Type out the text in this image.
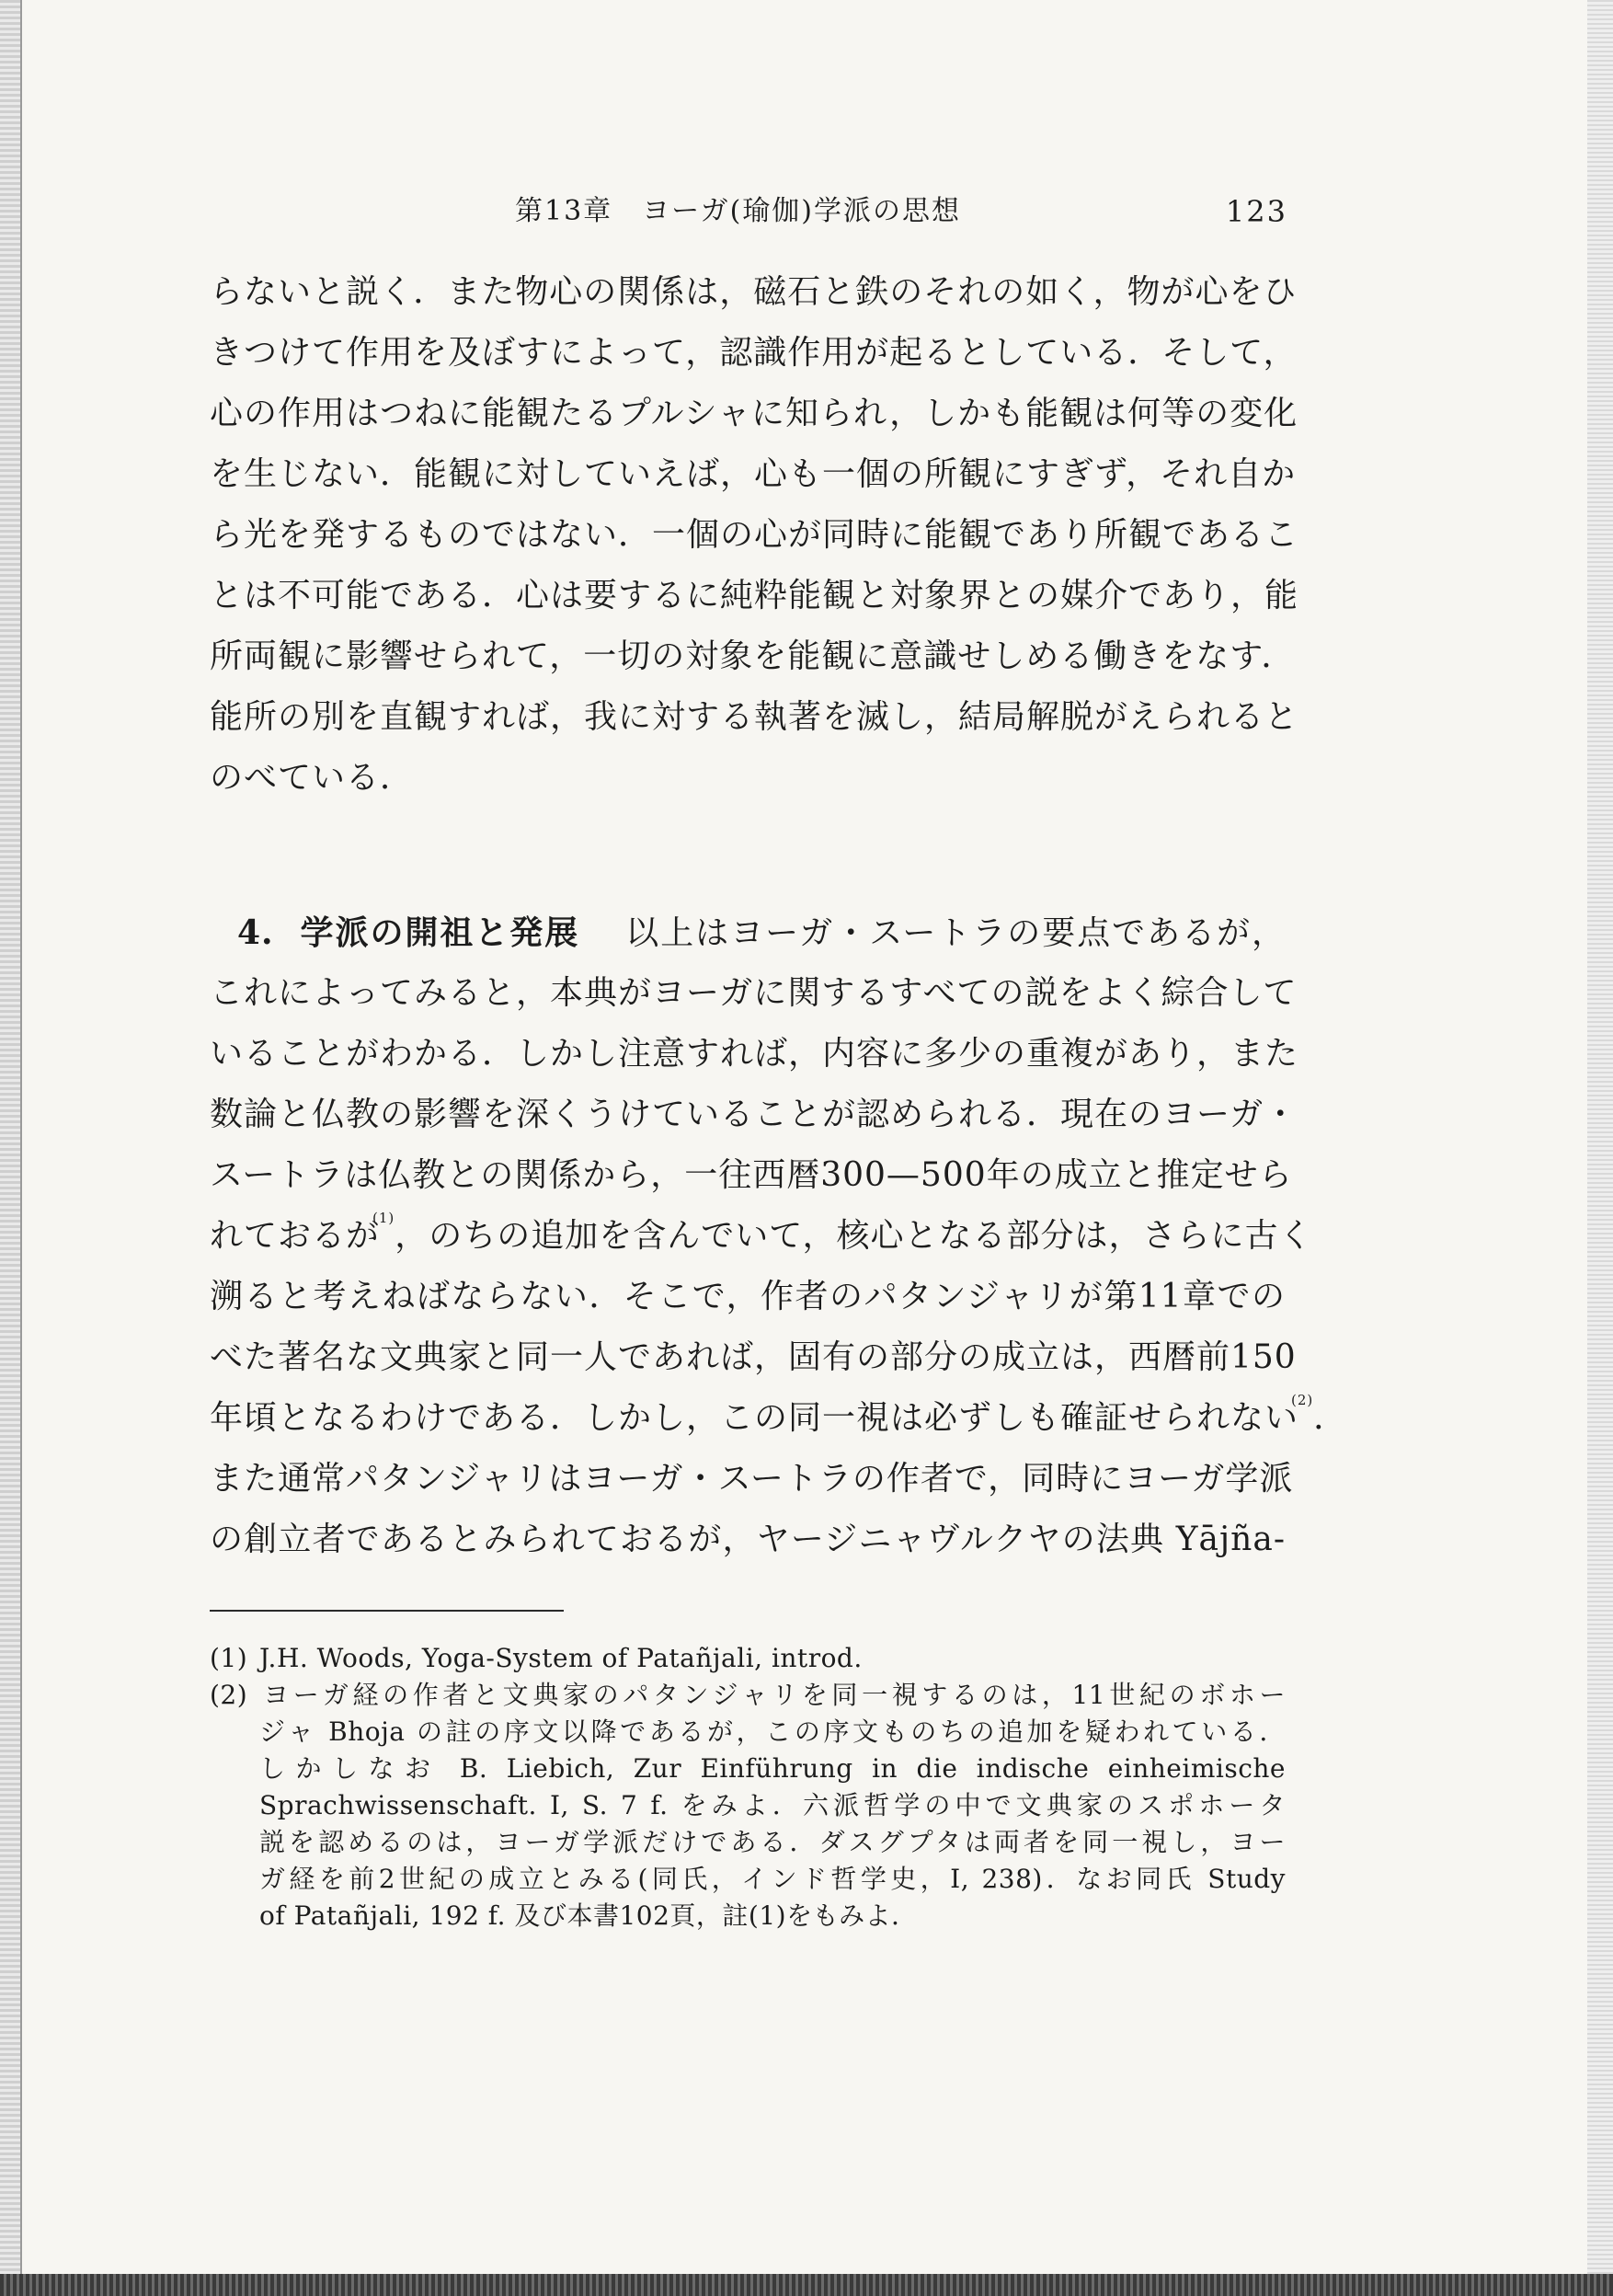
第13章　ヨーガ(瑜伽)学派の思想	123
らないと説く．また物心の関係は，磁石と鉄のそれの如く，物が心をひ
きつけて作用を及ぼすによって，認識作用が起るとしている．そして，
心の作用はつねに能観たるプルシャに知られ，しかも能観は何等の変化
を生じない．能観に対していえば，心も一個の所観にすぎず，それ自か
ら光を発するものではない．一個の心が同時に能観であり所観であるこ
とは不可能である．心は要するに純粋能観と対象界との媒介であり，能
所両観に影響せられて，一切の対象を能観に意識せしめる働きをなす．
能所の別を直観すれば，我に対する執著を滅し，結局解脱がえられると
のべている．
4. 学派の開祖と発展 以上はヨーガ・スートラの要点であるが，
これによってみると，本典がヨーガに関するすべての説をよく綜合して
いることがわかる．しかし注意すれば，内容に多少の重複があり，また
数論と仏教の影響を深くうけていることが認められる．現在のヨーガ・
スートラは仏教との関係から，一往西暦300—500年の成立と推定せら
れておるが$^{(1)}$，のちの追加を含んでいて，核心となる部分は，さらに古く
溯ると考えねばならない．そこで，作者のパタンジャリが第11章での
べた著名な文典家と同一人であれば，固有の部分の成立は，西暦前150
年頃となるわけである．しかし，この同一視は必ずしも確証せられない$^{(2)}$．
また通常パタンジャリはヨーガ・スートラの作者で，同時にヨーガ学派
の創立者であるとみられておるが，ヤージニャヴルクヤの法典 Yājña-
(1) J.H. Woods, Yoga-System of Patañjali, introd.
(2) ヨーガ経の作者と文典家のパタンジャリを同一視するのは，11世紀のボホー
ジャ Bhoja の註の序文以降であるが，この序文ものちの追加を疑われている．
しかしなお B. Liebich, Zur Einführung in die indische einheimische
Sprachwissenschaft. I, S. 7 f. をみよ．六派哲学の中で文典家のスポホータ
説を認めるのは，ヨーガ学派だけである．ダスグプタは両者を同一視し，ヨー
ガ経を前2世紀の成立とみる(同氏，インド哲学史，I, 238)．なお同氏 Study
of Patañjali, 192 f. 及び本書102頁，註(1)をもみよ．
